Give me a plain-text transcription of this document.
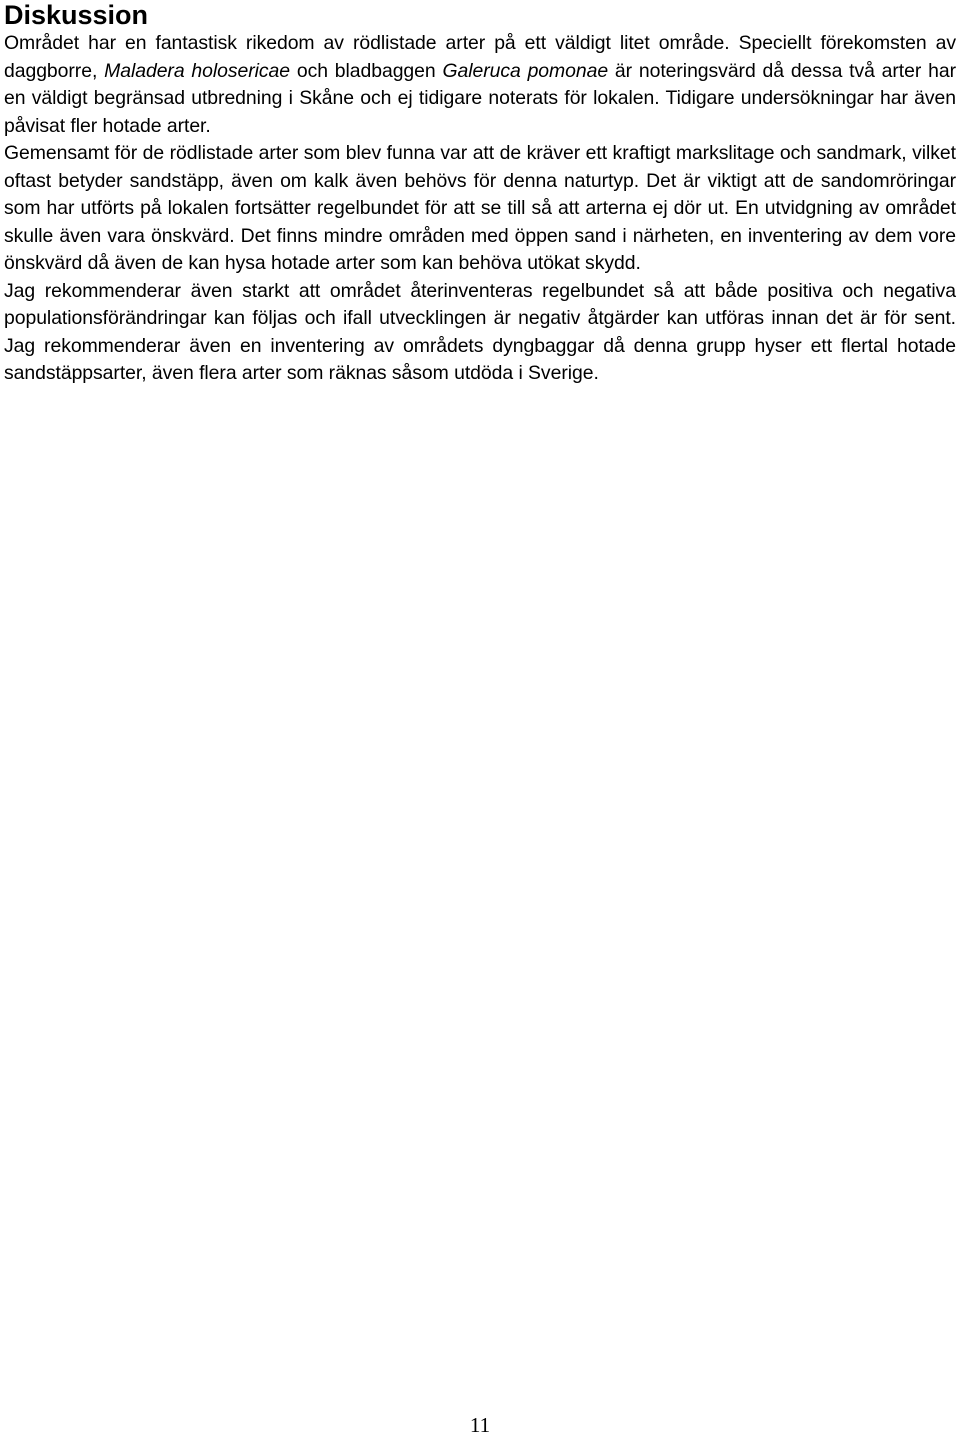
Diskussion

Området har en fantastisk rikedom av rödlistade arter på ett väldigt litet område. Speciellt förekomsten av daggborre, Maladera holosericae och bladbaggen Galeruca pomonae är noteringsvärd då dessa två arter har en väldigt begränsad utbredning i Skåne och ej tidigare noterats för lokalen. Tidigare undersökningar har även påvisat fler hotade arter.

Gemensamt för de rödlistade arter som blev funna var att de kräver ett kraftigt markslitage och sandmark, vilket oftast betyder sandstäpp, även om kalk även behövs för denna naturtyp. Det är viktigt att de sandomröringar som har utförts på lokalen fortsätter regelbundet för att se till så att arterna ej dör ut. En utvidgning av området skulle även vara önskvärd. Det finns mindre områden med öppen sand i närheten, en inventering av dem vore önskvärd då även de kan hysa hotade arter som kan behöva utökat skydd.

Jag rekommenderar även starkt att området återinventeras regelbundet så att både positiva och negativa populationsförändringar kan följas och ifall utvecklingen är negativ åtgärder kan utföras innan det är för sent. Jag rekommenderar även en inventering av områdets dyngbaggar då denna grupp hyser ett flertal hotade sandstäppsarter, även flera arter som räknas såsom utdöda i Sverige.

11
